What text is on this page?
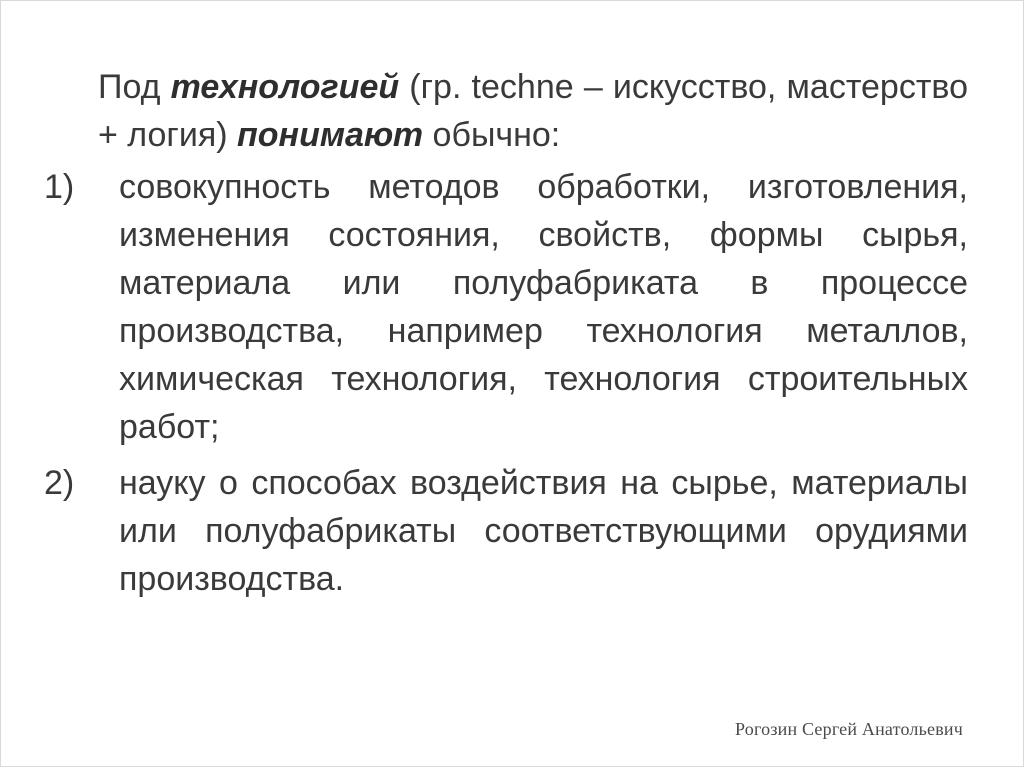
Под технологией (гр. techne – искусство, мастерство + логия) понимают обычно:

1)	совокупность методов обработки, изготовления, изменения состояния, свойств, формы сырья, материала или полуфабриката в процессе производства, например технология металлов, химическая технология, технология строительных работ;
2)	науку о способах воздействия на сырье, материалы или полуфабрикаты соответствующими орудиями производства.
Рогозин Сергей Анатольевич
